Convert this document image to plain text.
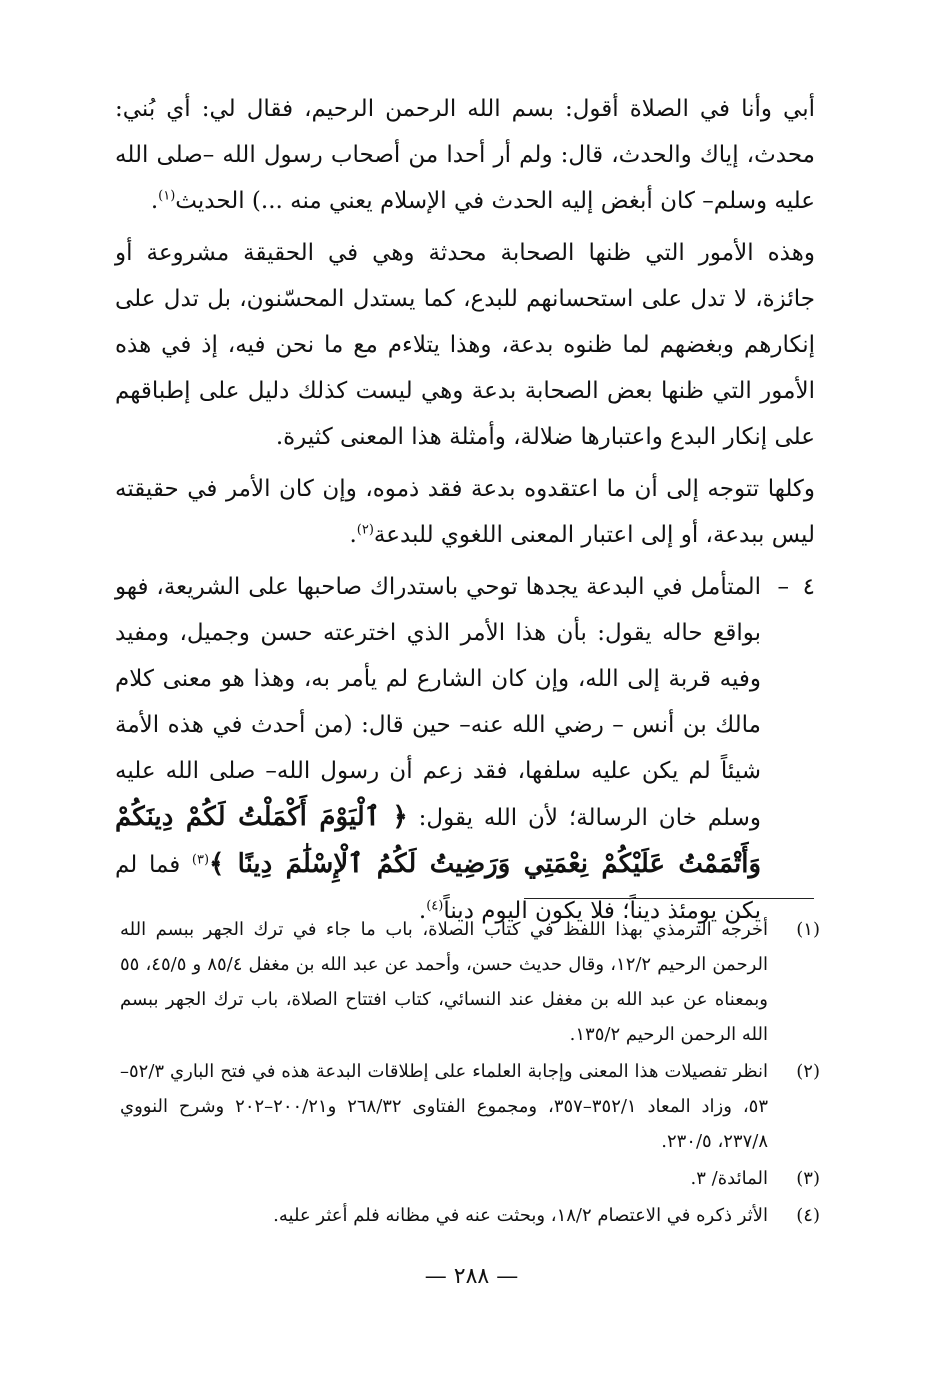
أبي وأنا في الصلاة أقول: بسم الله الرحمن الرحيم، فقال لي: أي بُني: محدث، إياك والحدث، قال: ولم أر أحدا من أصحاب رسول الله –صلى الله عليه وسلم– كان أبغض إليه الحدث في الإسلام يعني منه ...) الحديث$^{(١)}$.

وهذه الأمور التي ظنها الصحابة محدثة وهي في الحقيقة مشروعة أو جائزة، لا تدل على استحسانهم للبدع، كما يستدل المحسّنون، بل تدل على إنكارهم وبغضهم لما ظنوه بدعة، وهذا يتلاءم مع ما نحن فيه، إذ في هذه الأمور التي ظنها بعض الصحابة بدعة وهي ليست كذلك دليل على إطباقهم على إنكار البدع واعتبارها ضلالة، وأمثلة هذا المعنى كثيرة.

وكلها تتوجه إلى أن ما اعتقدوه بدعة فقد ذموه، وإن كان الأمر في حقيقته ليس ببدعة، أو إلى اعتبار المعنى اللغوي للبدعة$^{(٢)}$.

٤
–
المتأمل في البدعة يجدها توحي باستدراك صاحبها على الشريعة، فهو بواقع حاله يقول: بأن هذا الأمر الذي اخترعته حسن وجميل، ومفيد وفيه قربة إلى الله، وإن كان الشارع لم يأمر به، وهذا هو معنى كلام مالك بن أنس – رضي الله عنه– حين قال: (من أحدث في هذه الأمة شيئاً لم يكن عليه سلفها، فقد زعم أن رسول الله– صلى الله عليه وسلم خان الرسالة؛ لأن الله يقول: ﴿ ٱلْيَوْمَ أَكْمَلْتُ لَكُمْ دِينَكُمْ وَأَتْمَمْتُ عَلَيْكُمْ نِعْمَتِي وَرَضِيتُ لَكُمُ ٱلْإِسْلَٰمَ دِينًا ﴾$^{(٣)}$ فما لم يكن يومئذ ديناً؛ فلا يكون اليوم ديناً$^{(٤)}$.
(١)
أخرجه الترمذي بهذا اللفظ في كتاب الصلاة، باب ما جاء في ترك الجهر ببسم الله الرحمن الرحيم ١٢/٢، وقال حديث حسن، وأحمد عن عبد الله بن مغفل ٨٥/٤ و ٤٥/٥، ٥٥ وبمعناه عن عبد الله بن مغفل عند النسائي، كتاب افتتاح الصلاة، باب ترك الجهر ببسم الله الرحمن الرحيم ١٣٥/٢.
(٢)
انظر تفصيلات هذا المعنى وإجابة العلماء على إطلاقات البدعة هذه في فتح الباري ٥٢/٣–٥٣، وزاد المعاد ٣٥٢/١–٣٥٧، ومجموع الفتاوى ٢٦٨/٣٢ و٢٠٠/٢١–٢٠٢ وشرح النووي ٢٣٧/٨، ٢٣٠/٥.
(٣)
المائدة/ ٣.
(٤)
الأثر ذكره في الاعتصام ١٨/٢، وبحثت عنه في مظانه فلم أعثر عليه.
— ٢٨٨ —
